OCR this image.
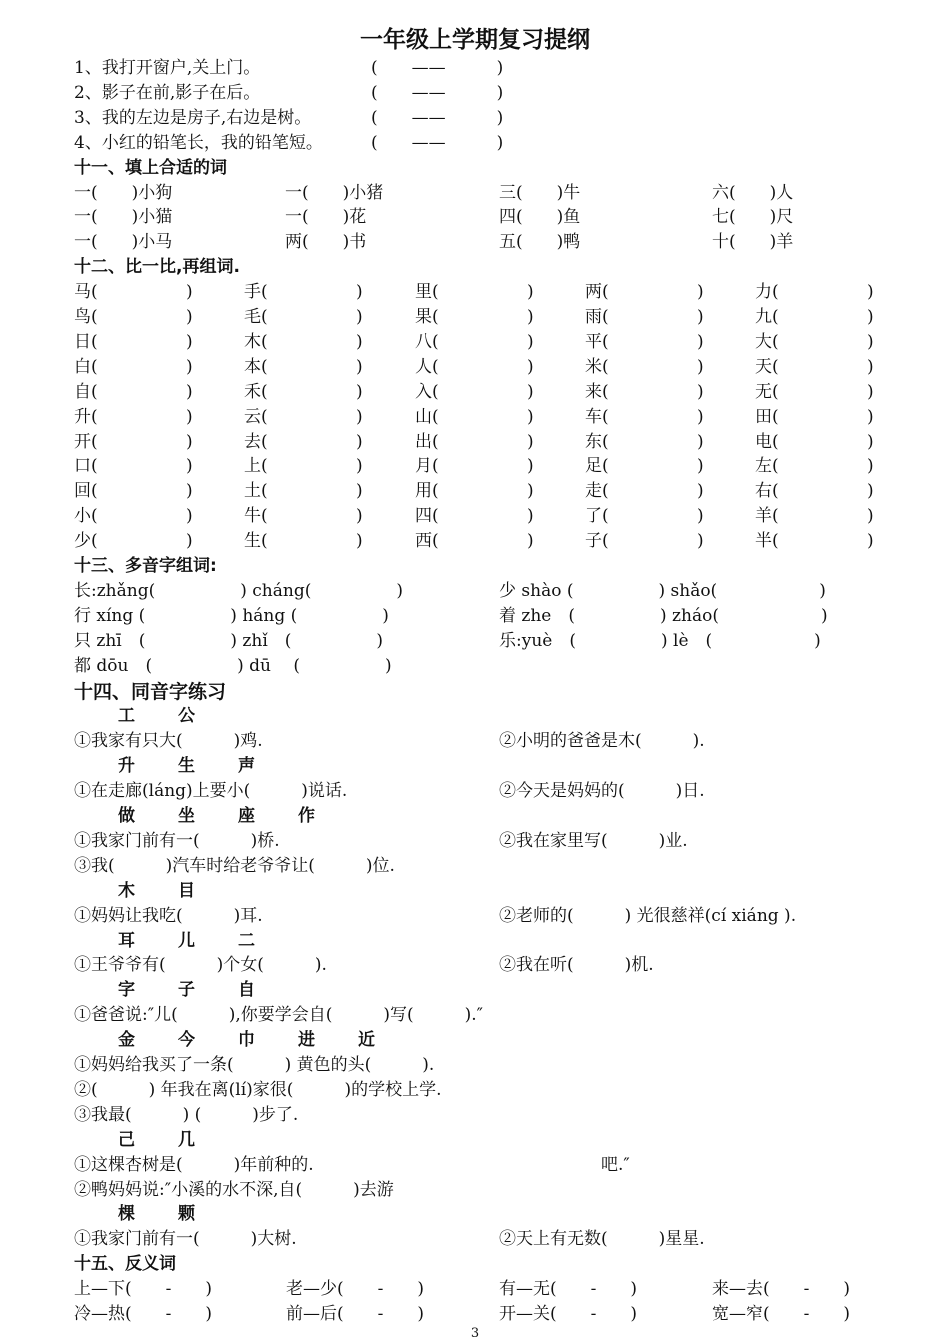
一年级上学期复习提纲
1、我打开窗户,关上门。	(　　——　　　)
2、影子在前,影子在后。	(　　——　　　)
3、我的左边是房子,右边是树。	(　　——　　　)
4、小红的铅笔长，我的铅笔短。	(　　——　　　)
十一、填上合适的词
一(　　)小狗	一(　　)小猪	三(　　)牛	六(　　)人
一(　　)小猫	一(　　)花	四(　　)鱼	七(　　)尺
一(　　)小马	两(　　)书	五(　　)鸭	十(　　)羊
十二、比一比,再组词.
马 (	)	手 (	)	里 (	)	两 (	)	力 (	)
鸟 (	)	毛 (	)	果 (	)	雨 (	)	九 (	)
日 (	)	木 (	)	八 (	)	平 (	)	大 (	)
白 (	)	本 (	)	人 (	)	米 (	)	天 (	)
自 (	)	禾 (	)	入 (	)	来 (	)	无 (	)
升 (	)	云 (	)	山 (	)	车 (	)	田 (	)
开 (	)	去 (	)	出 (	)	东 (	)	电 (	)
口 (	)	上 (	)	月 (	)	足 (	)	左 (	)
回 (	)	土 (	)	用 (	)	走 (	)	右 (	)
小 (	)	牛 (	)	四 (	)	了 (	)	羊 (	)
少 (	)	生 (	)	西 (	)	子 (	)	半 (	)
十三、多音字组词:
长:zhǎng(　　　　　) cháng(　　　　　)	少 shào (　　　　　) shǎo(　　　　　　)
行 xíng (　　　　　) háng (　　　　　)	着 zhe　(　　　　　) zháo(　　　　　　)
只 zhī　(　　　　　) zhǐ　(　　　　　)	乐:yuè　(　　　　　) lè　(　　　　　　)
都 dōu　(　　　　　) dū　 (　　　　　)
十四、同音字练习
工	公
①我家有只大(　　　)鸡.	②小明的爸爸是木(　　　).
升	生	声
①在走廊(láng)上要小(　　　)说话.	②今天是妈妈的(　　　)日.
做	坐	座	作
①我家门前有一(　　　)桥.	②我在家里写(　　　)业.
③我(　　　)汽车时给老爷爷让(　　　)位.
木	目
①妈妈让我吃(　　　)耳.	②老师的(　　　) 光很慈祥(cí xiáng ).
耳	儿	二
①王爷爷有(　　　)个女(　　　).	②我在听(　　　)机.
字	子	自
①爸爸说:″儿(　　　),你要学会自(　　　)写(　　　).″
金	今	巾	进	近
①妈妈给我买了一条(　　　) 黄色的头(　　　).
②(　　　) 年我在离(lí)家很(　　　)的学校上学.
③我最(　　　) (　　　)步了.
己	几
①这棵杏树是(　　　)年前种的.	　　　　　　吧.″
②鸭妈妈说:″小溪的水不深,自(　　　)去游
棵	颗
①我家门前有一(　　　)大树.	②天上有无数(　　　)星星.
十五、反义词
上—下(　　-　　)	老—少(　　-　　)	有—无(　　-　　)	来—去(　　-　　)
冷—热(　　-　　)	前—后(　　-　　)	开—关(　　-　　)	宽—窄(　　-　　)
3
